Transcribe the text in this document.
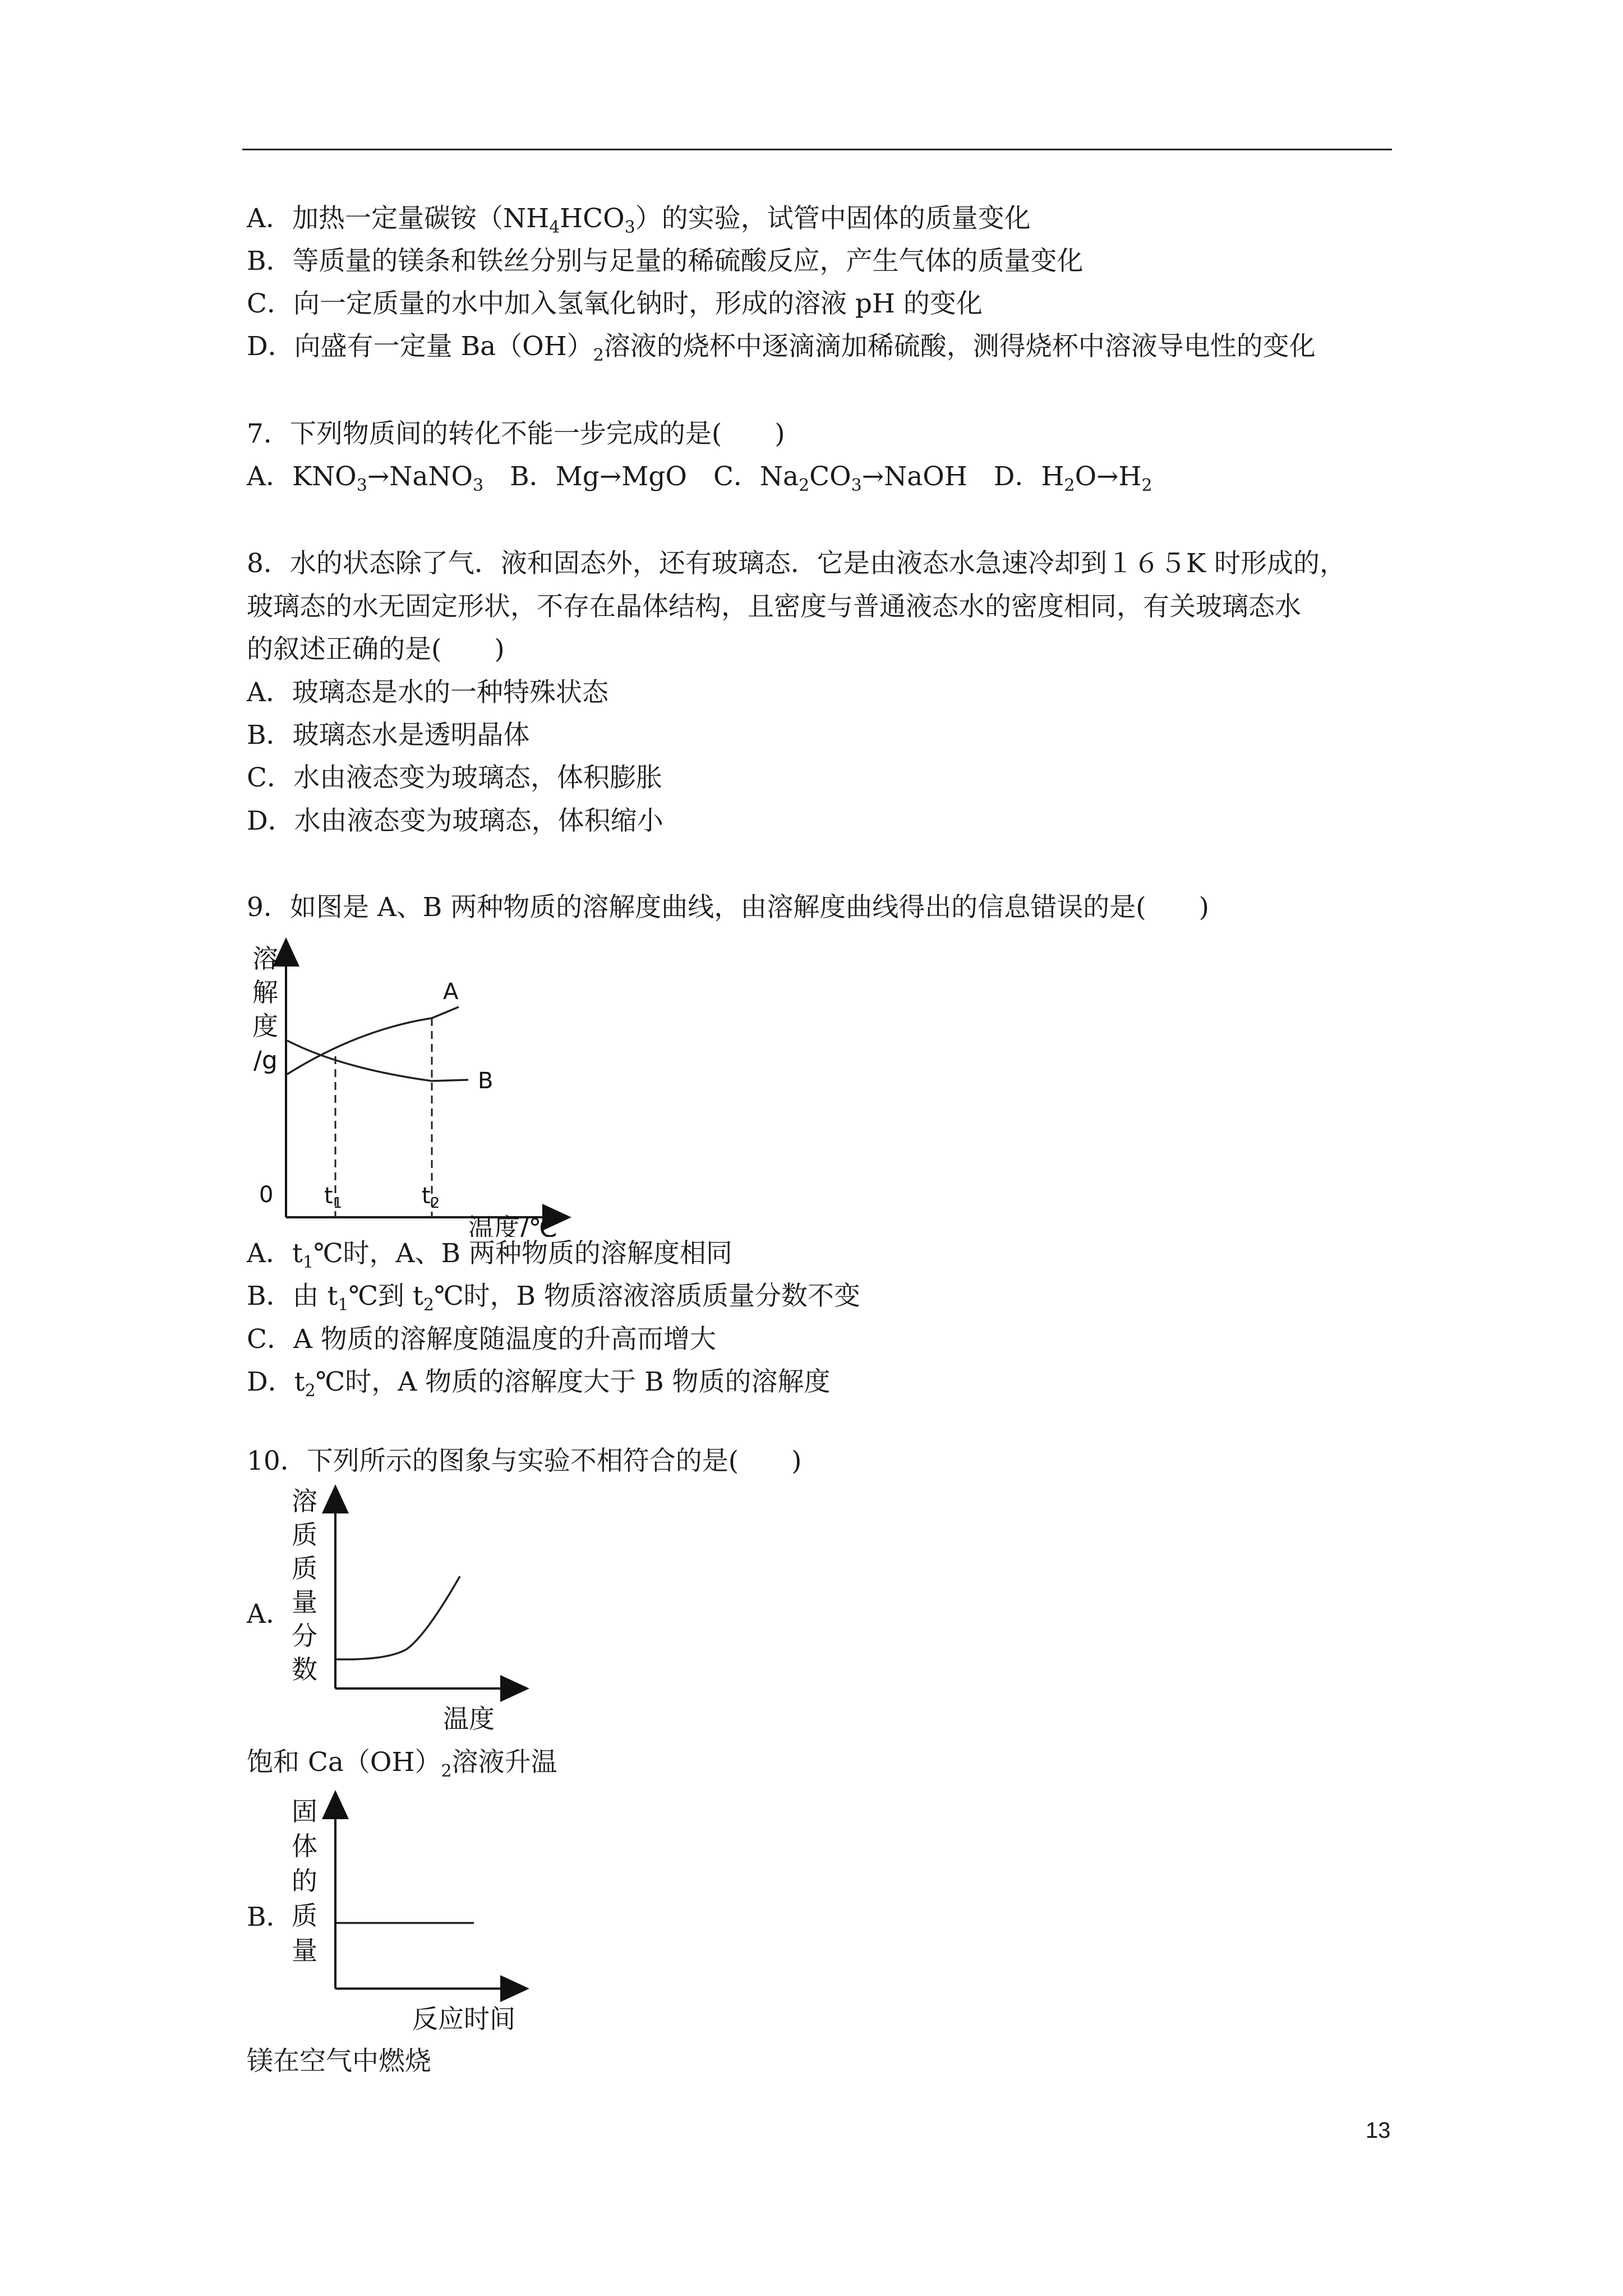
A．加热一定量碳铵$(NH_4HCO_3)$的实验，试管中固体的质量变化
B．等质量的镁条和铁丝分别与足量的稀硫酸反应，产生气体的质量变化
C．向一定质量的水中加入氢氧化钠时，形成的溶液 pH 的变化
D．向盛有一定量 $Ba(OH)_2$溶液的烧杯中逐滴滴加稀硫酸，测得烧杯中溶液导电性的变化
7．下列物质间的转化不能一步完成的是(　　)
A．$KNO_3\to NaNO_3$　B．Mg→MgO　C．$Na_2CO_3\to NaOH$　D．$H_2O\to H_2$
8．水的状态除了气．液和固态外，还有玻璃态．它是由液态水急速冷却到１６５K 时形成的，
玻璃态的水无固定形状，不存在晶体结构，且密度与普通液态水的密度相同，有关玻璃态水
的叙述正确的是(　　)
A．玻璃态是水的一种特殊状态
B．玻璃态水是透明晶体
C．水由液态变为玻璃态，体积膨胀
D．水由液态变为玻璃态，体积缩小
9．如图是 A、B 两种物质的溶解度曲线，由溶解度曲线得出的信息错误的是(　　)
溶
解
度
/g
A
B
0 $t_1$	$t_2$
温度/℃
A．$t_1℃$时，A、B 两种物质的溶解度相同
B．由 $t_1℃$到 $t_2℃$时，B 物质溶液溶质质量分数不变
C．A 物质的溶解度随温度的升高而增大
D．$t_2℃$时，A 物质的溶解度大于 B 物质的溶解度
10．下列所示的图象与实验不相符合的是(　　)
A．
溶
质
质
量
分
数
温度
饱和 $Ca(OH)_2$溶液升温
B．
固
体
的
质
量
反应时间
镁在空气中燃烧
13
